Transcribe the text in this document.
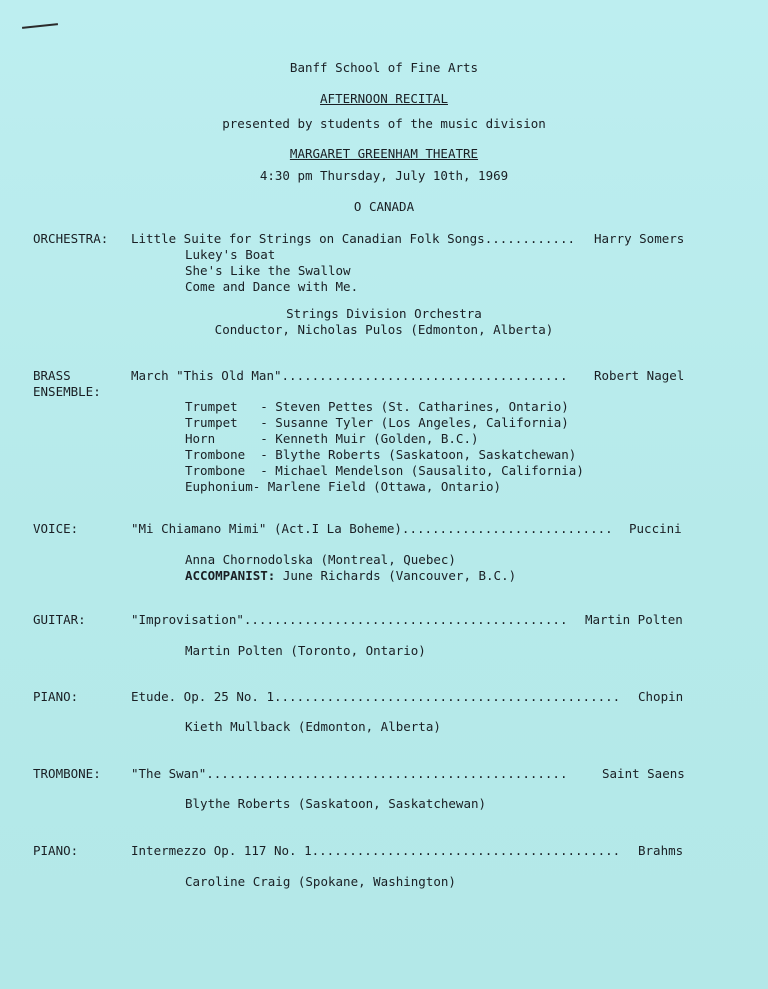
Banff School of Fine Arts
AFTERNOON RECITAL
presented by students of the music division
MARGARET GREENHAM THEATRE
4:30 pm Thursday, July 10th, 1969
O CANADA
ORCHESTRA: Little Suite for Strings on Canadian Folk Songs............ Harry Somers
Lukey's Boat
She's Like the Swallow
Come and Dance with Me.
Strings Division Orchestra
Conductor, Nicholas Pulos (Edmonton, Alberta)
BRASS
ENSEMBLE:
March "This Old Man"...................................... Robert Nagel
Trumpet   - Steven Pettes (St. Catharines, Ontario)
Trumpet   - Susanne Tyler (Los Angeles, California)
Horn      - Kenneth Muir (Golden, B.C.)
Trombone  - Blythe Roberts (Saskatoon, Saskatchewan)
Trombone  - Michael Mendelson (Sausalito, California)
Euphonium- Marlene Field (Ottawa, Ontario)
VOICE:	"Mi Chiamano Mimi" (Act.I La Boheme)............................ Puccini
Anna Chornodolska (Montreal, Quebec)
ACCOMPANIST: June Richards (Vancouver, B.C.)
GUITAR:	"Improvisation"........................................... Martin Polten
Martin Polten (Toronto, Ontario)
PIANO:	Etude. Op. 25 No. 1.............................................. Chopin
Kieth Mullback (Edmonton, Alberta)
TROMBONE: "The Swan"................................................	Saint Saens
Blythe Roberts (Saskatoon, Saskatchewan)
PIANO:	Intermezzo Op. 117 No. 1......................................... Brahms
Caroline Craig (Spokane, Washington)
